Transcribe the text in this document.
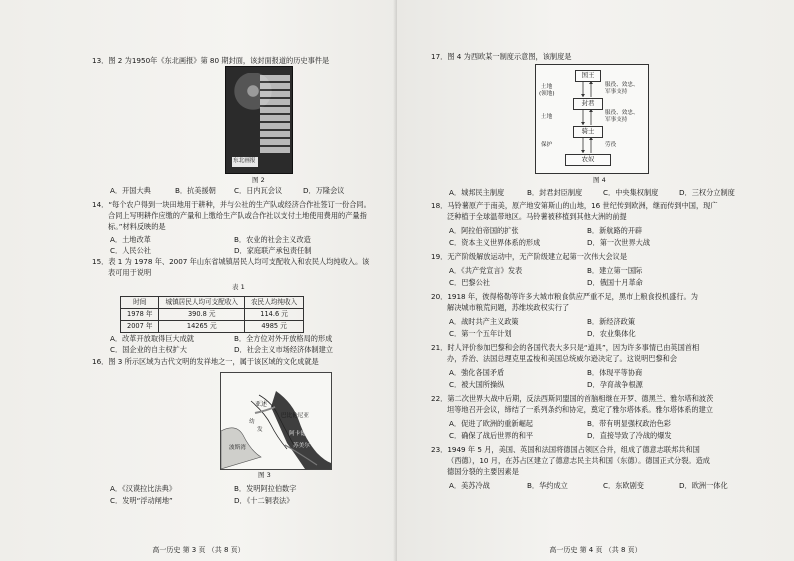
13．图 2 为1950年《东北画报》第 80 期封面，该封面报道的历史事件是

图 2
A．开国大典	B．抗美援朝	C．日内瓦会议	D．万隆会议

14．“每个农户得到一块田地用于耕种，并与公社的生产队或经济合作社签订一份合同。

合同上写明耕作应缴的产量和上缴给生产队或合作社以支付土地使用费用的产量指

标。”材料反映的是

A．土地改革	B．农业的社会主义改造
C．人民公社	D．家庭联产承包责任制

15．表 1 为 1978 年、2007 年山东省城镇居民人均可支配收入和农民人均纯收入。该

表可用于说明

表 1
时间	城镇居民人均可支配收入	农民人均纯收入
1978 年	390.8 元	114.6 元
2007 年	14265 元	4985 元
A．改革开放取得巨大成就	B．全方位对外开放格局的形成
C．国企业的自主权扩大	D．社会主义市场经济体制建立

16．图 3 所示区域为古代文明的发祥地之一，属于该区域的文化成就是

亚述
巴比伦尼亚
幼
发
波斯湾
阿卡德
苏美尔
图 3
A．《汉谟拉比法典》	B．发明阿拉伯数字
C．发明“浮动闸地”	D．《十二铜表法》
高一历史 第 3 页 （共 8 页）

17．图 4 为西欧某一制度示意图，该制度是

国王
封君
骑士
农奴
土地
(领地)
土地
保护
服役、效忠、
军事支持
服役、效忠、
军事支持
劳役
图 4
A．城邦民主制度	B．封君封臣制度	C．中央集权制度	D．三权分立制度

18．马铃薯原产于南美，原产地安第斯山的山地，16 世纪传到欧洲，继而传到中国，现广

泛种植于全球温带地区。马铃薯被移植到其他大洲的前提

A．阿拉伯帝国的扩张	B．新航路的开辟
C．资本主义世界体系的形成	D．第一次世界大战

19．无产阶级解放运动中，无产阶级建立起第一次伟大会议是

A．《共产党宣言》发表	B．建立第一国际
C．巴黎公社	D．俄国十月革命

20．1918 年，彼得格勒等许多大城市粮食供应严重不足，黑市上粮食投机盛行。为

解决城市粮荒问题，苏维埃政权实行了

A．战时共产主义政策	B．新经济政策
C．第一个五年计划	D．农业集体化

21．时人评价参加巴黎和会的各国代表大多只是“道具”，因为许多事情已由英国首相

办，乔治、法国总理克里孟梭和美国总统威尔逊决定了。这说明巴黎和会

A．強化各国矛盾	B．体现平等协商
C．被大国所操纵	D．孕育战争根源

22．第二次世界大战中后期，反法西斯同盟国的首脑相继在开罗、德黑兰、雅尔塔和波茨

坦等地召开会议，缔结了一系列条约和协定，奠定了雅尔塔体系。雅尔塔体系的建立

A．促进了欧洲的重新崛起	B．带有明显强权政治色彩
C．确保了战后世界的和平	D．直接导致了冷战的爆发

23．1949 年 5 月，美国、英国和法国将德国占领区合并，组成了德意志联邦共和国

（西德），10 月，在苏占区建立了德意志民主共和国（东德）。德国正式分裂。造成

德国分裂的主要因素是

A．美苏冷战	B．华约成立	C．东欧剧变	D．欧洲一体化
高一历史 第 4 页 （共 8 页）
东北画报
